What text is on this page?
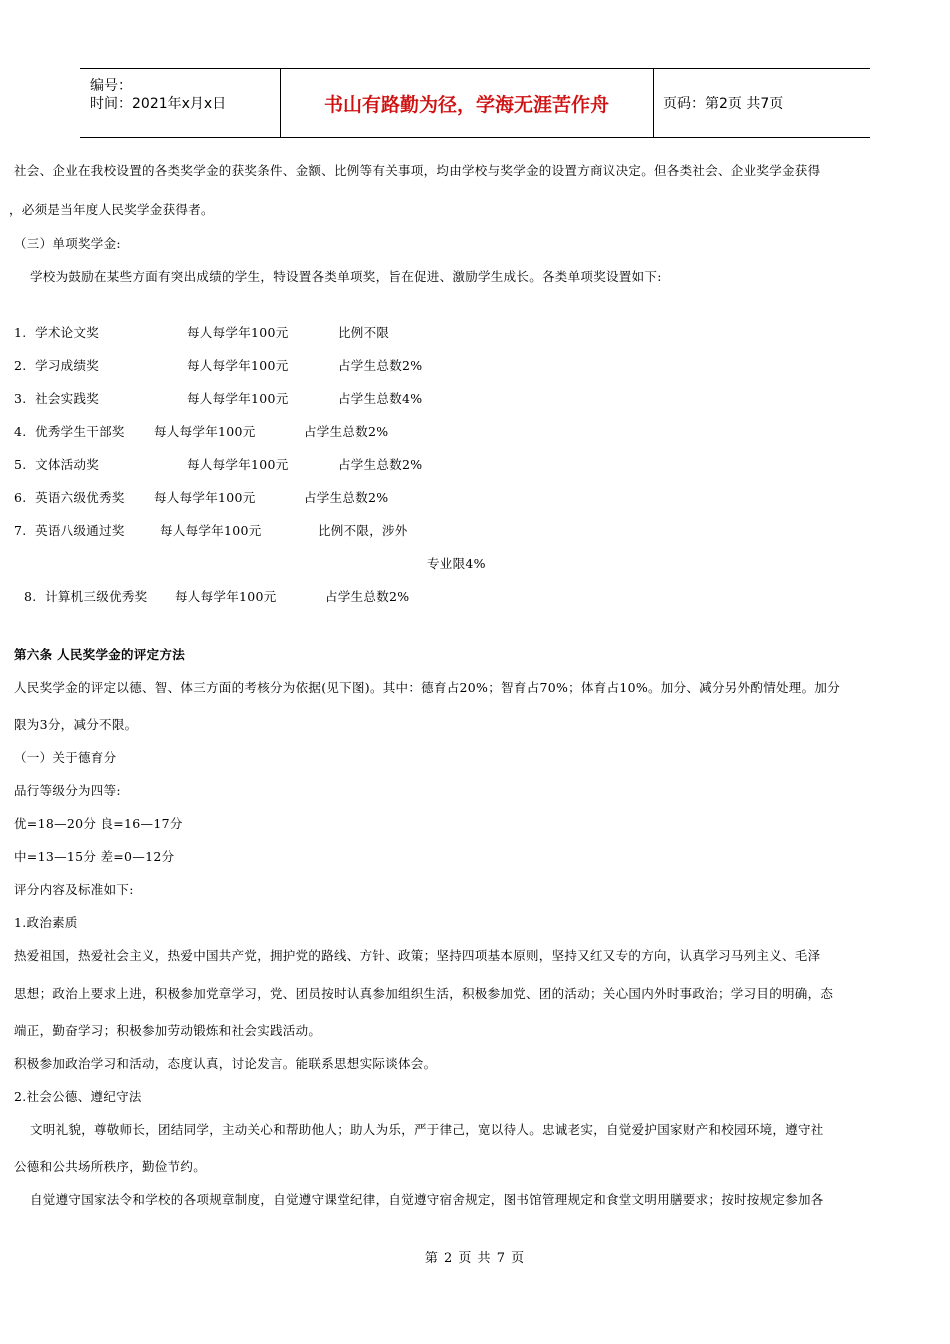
编号：
时间：2021年x月x日	书山有路勤为径，学海无涯苦作舟	页码：第2页 共7页
社会、企业在我校设置的各类奖学金的获奖条件、金额、比例等有关事项，均由学校与奖学金的设置方商议决定。但各类社会、企业奖学金获得
，必须是当年度人民奖学金获得者。
（三）单项奖学金:
学校为鼓励在某些方面有突出成绩的学生，特设置各类单项奖，旨在促进、激励学生成长。各类单项奖设置如下:
1. 学术论文奖	每人每学年100元	比例不限
2. 学习成绩奖	每人每学年100元	占学生总数2%
3. 社会实践奖	每人每学年100元	占学生总数4%
4. 优秀学生干部奖 每人每学年100元	占学生总数2%
5. 文体活动奖	每人每学年100元	占学生总数2%
6. 英语六级优秀奖 每人每学年100元	占学生总数2%
7. 英语八级通过奖	每人每学年100元	比例不限，涉外
专业限4%
8. 计算机三级优秀奖 每人每学年100元	占学生总数2%
第六条 人民奖学金的评定方法
人民奖学金的评定以德、智、体三方面的考核分为依据(见下图)。其中：德育占20%；智育占70%；体育占10%。加分、减分另外酌情处理。加分
限为3分，减分不限。
（一）关于德育分
品行等级分为四等:
优=18—20分 良=16—17分
中=13—15分 差=0—12分
评分内容及标准如下:
1.政治素质
热爱祖国，热爱社会主义，热爱中国共产党，拥护党的路线、方针、政策；坚持四项基本原则，坚持又红又专的方向，认真学习马列主义、毛泽
思想；政治上要求上进，积极参加党章学习，党、团员按时认真参加组织生活，积极参加党、团的活动；关心国内外时事政治；学习目的明确，态
端正，勤奋学习；积极参加劳动锻炼和社会实践活动。
积极参加政治学习和活动，态度认真，讨论发言。能联系思想实际谈体会。
2.社会公德、遵纪守法
文明礼貌，尊敬师长，团结同学，主动关心和帮助他人；助人为乐，严于律己，宽以待人。忠诚老实，自觉爱护国家财产和校园环境，遵守社
公德和公共场所秩序，勤俭节约。
自觉遵守国家法令和学校的各项规章制度，自觉遵守课堂纪律，自觉遵守宿舍规定，图书馆管理规定和食堂文明用膳要求；按时按规定参加各
第 2 页 共 7 页
